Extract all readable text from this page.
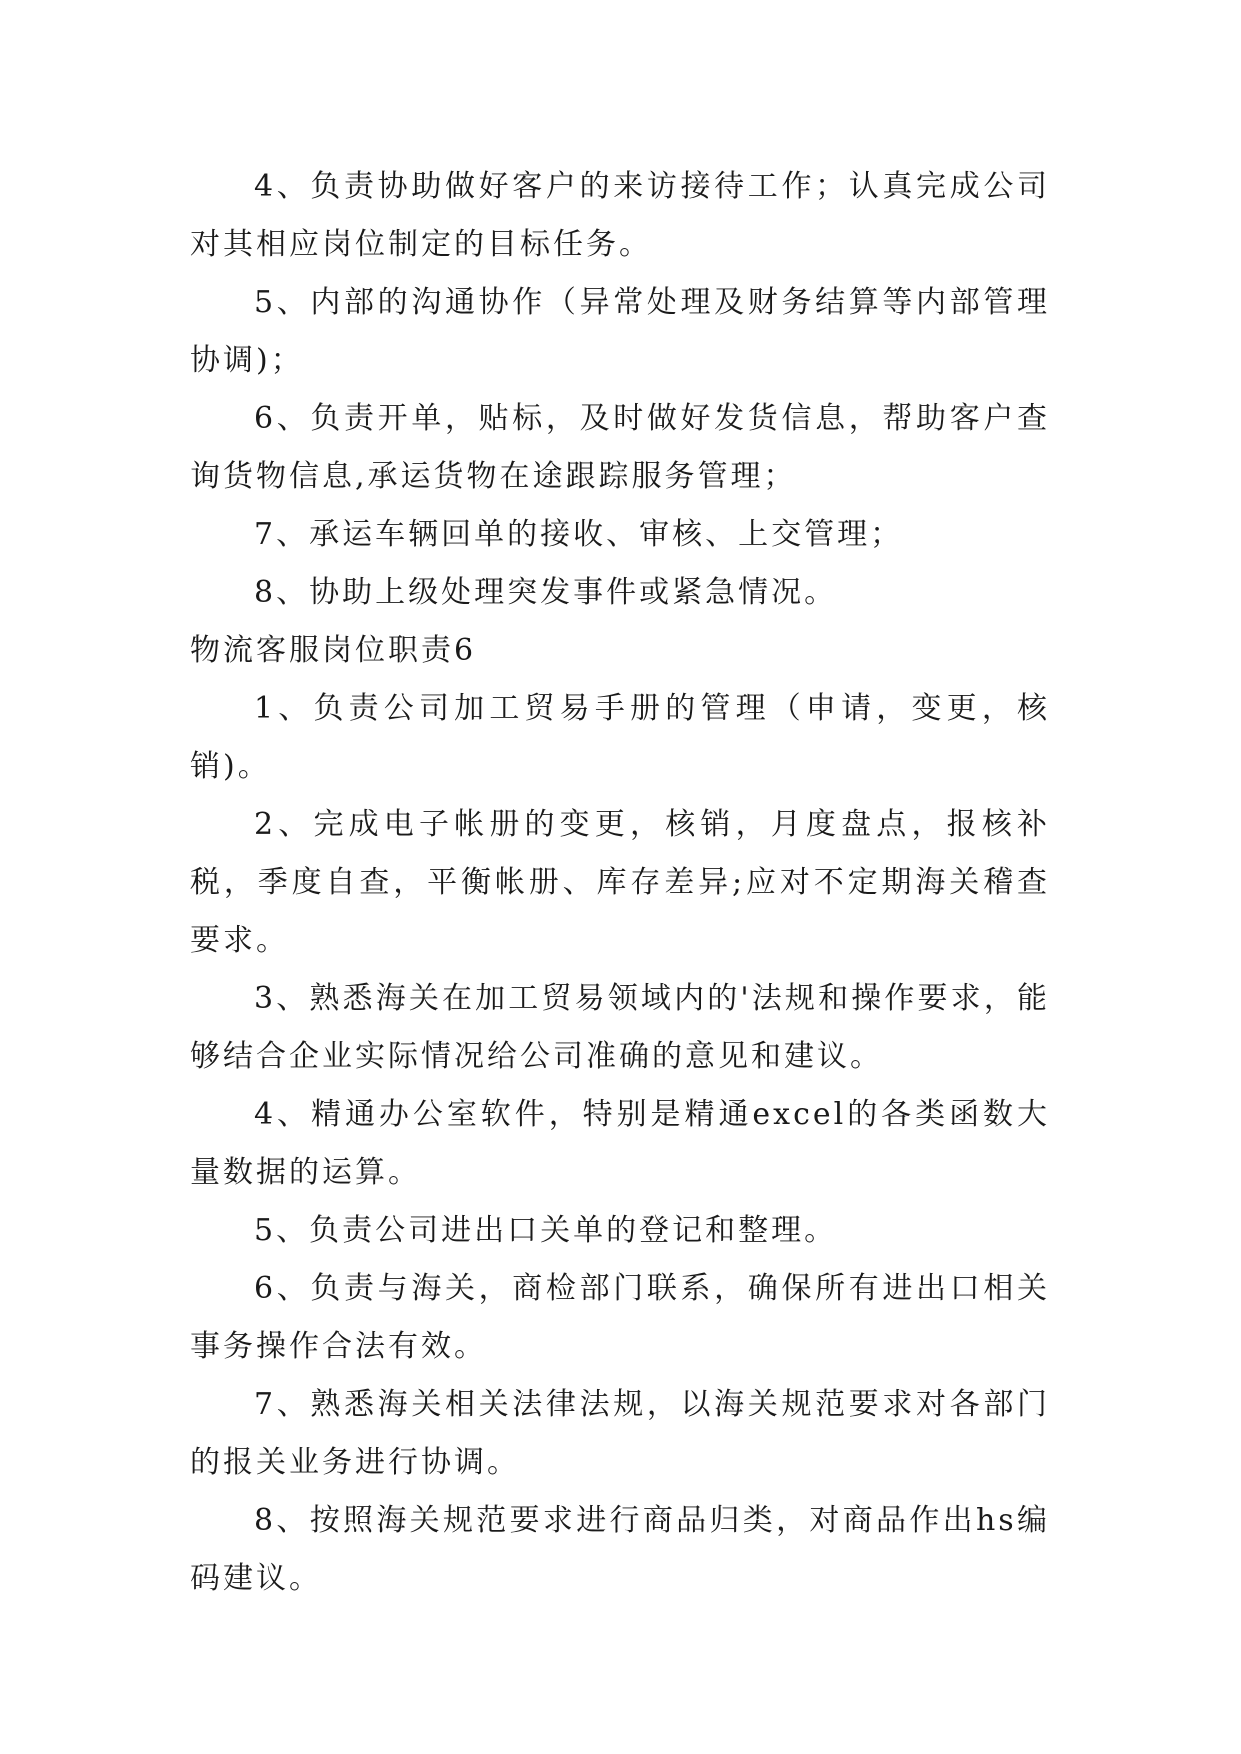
4、负责协助做好客户的来访接待工作；认真完成公司对其相应岗位制定的目标任务。

5、内部的沟通协作（异常处理及财务结算等内部管理协调)；

6、负责开单，贴标，及时做好发货信息，帮助客户查询货物信息,承运货物在途跟踪服务管理；

7、承运车辆回单的接收、审核、上交管理；

8、协助上级处理突发事件或紧急情况。

物流客服岗位职责6

1、负责公司加工贸易手册的管理（申请，变更，核销)。

2、完成电子帐册的变更，核销，月度盘点，报核补税，季度自查，平衡帐册、库存差异;应对不定期海关稽查要求。

3、熟悉海关在加工贸易领域内的'法规和操作要求，能够结合企业实际情况给公司准确的意见和建议。

4、精通办公室软件，特别是精通excel的各类函数大量数据的运算。

5、负责公司进出口关单的登记和整理。

6、负责与海关，商检部门联系，确保所有进出口相关事务操作合法有效。

7、熟悉海关相关法律法规，以海关规范要求对各部门的报关业务进行协调。

8、按照海关规范要求进行商品归类，对商品作出hs编码建议。
